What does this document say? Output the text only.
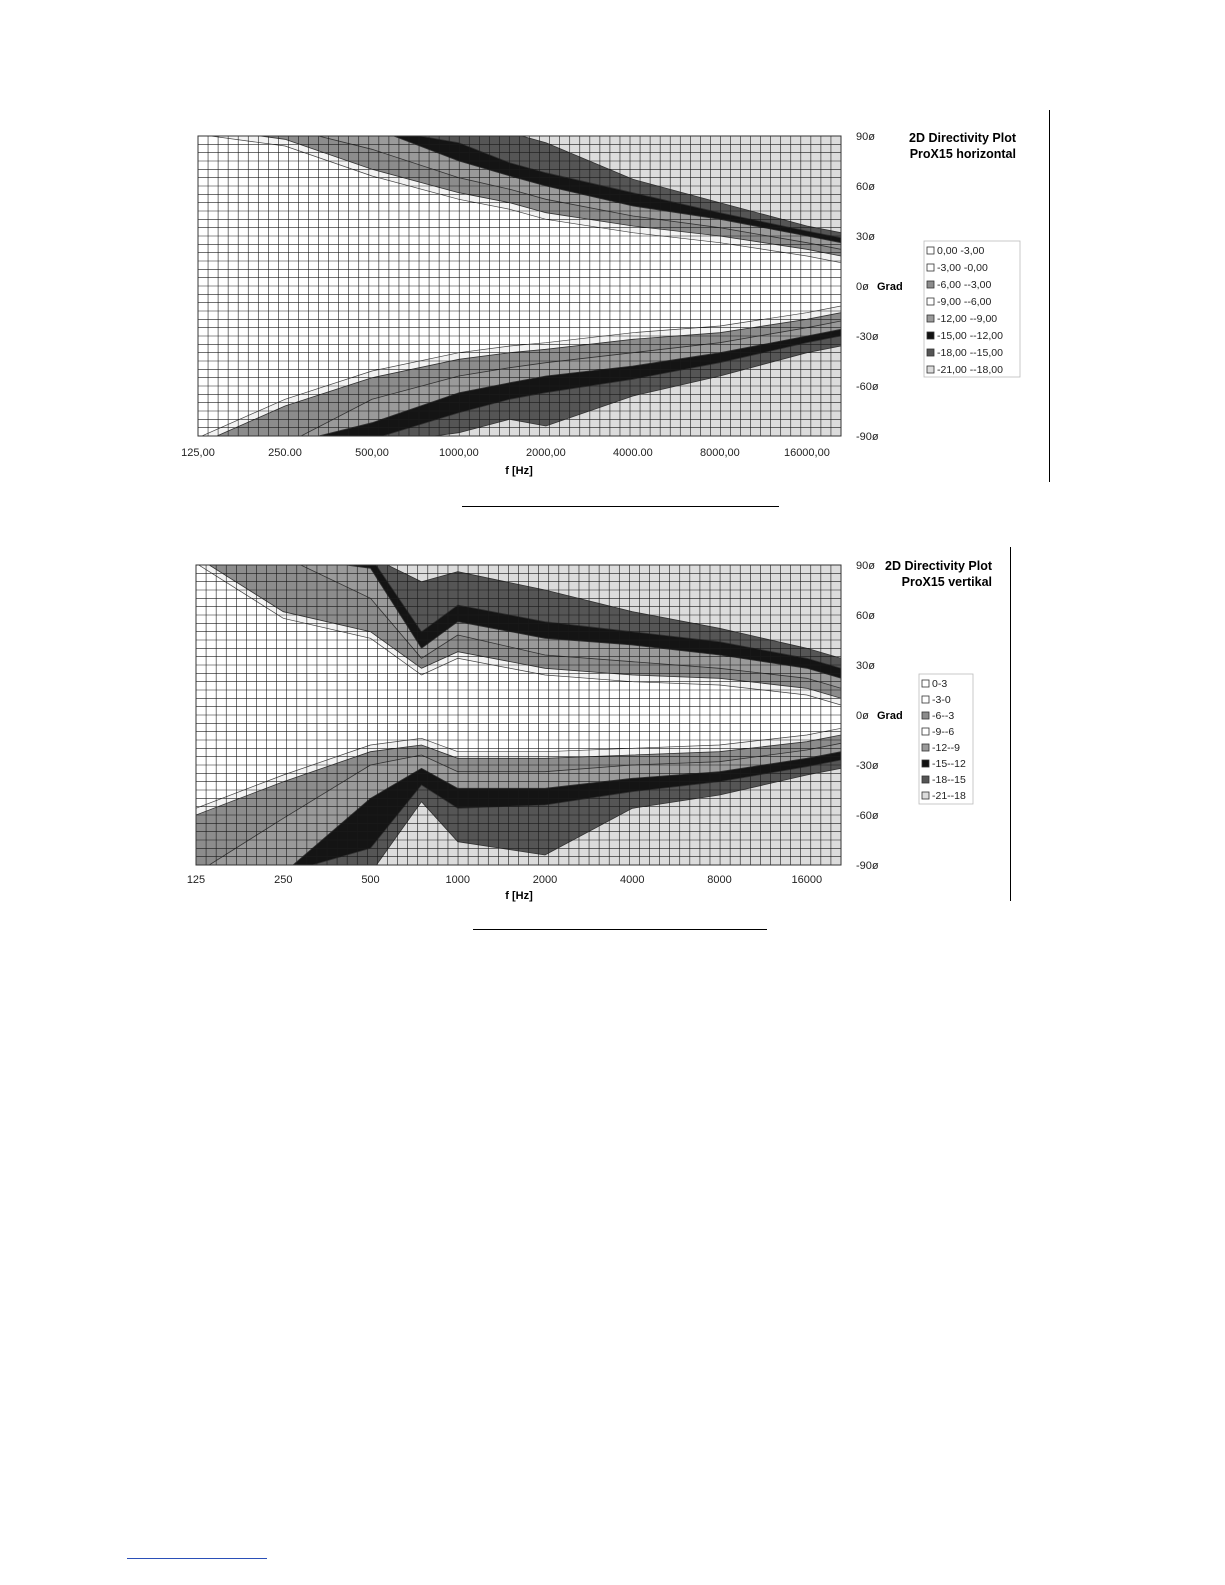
125,00	250.00	500,00	1000,00	2000,00	4000.00	8000,00	16000,00
90ø
60ø
30ø
0ø
-30ø
-60ø
-90ø
f [Hz]
Grad
2D Directivity Plot
ProX15 horizontal
0,00 -3,00
-3,00 -0,00
-6,00 --3,00
-9,00 --6,00
-12,00 --9,00
-15,00 --12,00
-18,00 --15,00
-21,00 --18,00
125	250	500	1000	2000	4000	8000	16000
90ø
60ø
30ø
0ø
-30ø
-60ø
-90ø
f [Hz]
Grad
2D Directivity Plot
ProX15 vertikal
0-3
-3-0
-6--3
-9--6
-12--9
-15--12
-18--15
-21--18
